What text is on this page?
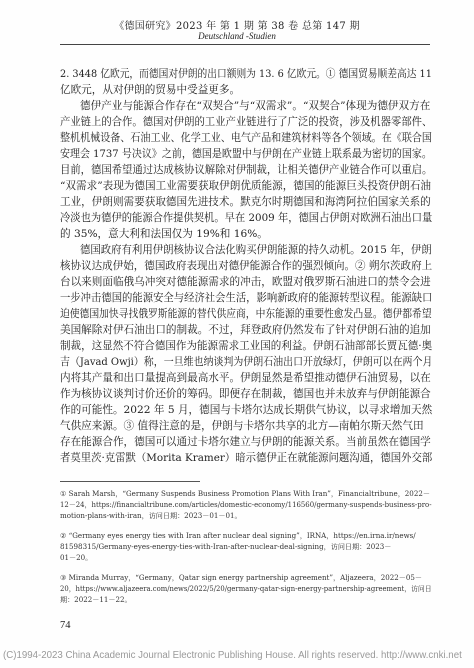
《德国研究》2023 年 第 1 期 第 38 卷 总第 147 期
Deutschland -Studien
2. 3448 亿欧元，而德国对伊朗的出口额则为 13. 6 亿欧元。① 德国贸易顺差高达 11
亿欧元，从对伊朗的贸易中受益更多。
德伊产业与能源合作存在“双契合”与“双需求”。“双契合”体现为德伊双方在
产业链上的合作。德国对伊朗的工业产业链进行了广泛的投资，涉及机器零部件、
整机机械设备、石油工业、化学工业、电气产品和建筑材料等各个领域。在《联合国
安理会 1737 号决议》之前，德国是欧盟中与伊朗在产业链上联系最为密切的国家。
目前，德国希望通过达成核协议解除对伊制裁，让相关德伊产业链合作可以重启。
“双需求”表现为德国工业需要获取伊朗优质能源，德国的能源巨头投资伊朗石油
工业，伊朗则需要获取德国先进技术。默克尔时期德国和海湾阿拉伯国家关系的
冷淡也为德伊的能源合作提供契机。早在 2009 年，德国占伊朗对欧洲石油出口量
的 35%，意大利和法国仅为 19%和 16%。
德国政府有利用伊朗核协议合法化购买伊朗能源的持久动机。2015 年，伊朗
核协议达成伊始，德国政府表现出对德伊能源合作的强烈倾向。② 朔尔茨政府上
台以来则面临俄乌冲突对德能源需求的冲击，欧盟对俄罗斯石油进口的禁令会进
一步冲击德国的能源安全与经济社会生活，影响新政府的能源转型议程。能源缺口
迫使德国加快寻找俄罗斯能源的替代供应商，中东能源的重要性愈发凸显。德伊都希望
美国解除对伊石油出口的制裁。不过，拜登政府仍然发布了针对伊朗石油的追加
制裁，这显然不符合德国作为能源需求工业国的利益。伊朗石油部部长贾瓦德·奥
吉（Javad Owji）称，一旦维也纳谈判为伊朗石油出口开放绿灯，伊朗可以在两个月
内将其产量和出口量提高到最高水平。伊朗显然是希望推动德伊石油贸易，以在
作为核协议谈判讨价还价的筹码。即便存在制裁，德国也并未放弃与伊朗能源合
作的可能性。2022 年 5 月，德国与卡塔尔达成长期供气协议，以寻求增加天然
气供应来源。③ 值得注意的是，伊朗与卡塔尔共享的北方—南帕尔斯天然气田
存在能源合作，德国可以通过卡塔尔建立与伊朗的能源关系。当前虽然在德国学
者莫里茨·克雷默（Morita Kramer）暗示德伊正在就能源问题沟通，德国外交部
① Sarah Marsh，“Germany Suspends Business Promotion Plans With Iran”，Financialtribune，2022－
12－24，https://financialtribune.com/articles/domestic-economy/116560/germany-suspends-business-pro-
motion-plans-with-iran，访问日期：2023－01－01。
② “Germany eyes energy ties with Iran after nuclear deal signing”，IRNA，https://en.irna.ir/news/
81598315/Germany-eyes-energy-ties-with-Iran-after-nuclear-deal-signing，访问日期：2023－
01－20。
③ Miranda Murray，“Germany，Qatar sign energy partnership agreement”，Aljazeera，2022－05－
20，https://www.aljazeera.com/news/2022/5/20/germany-qatar-sign-energy-partnership-agreement，访问日
期：2022－11－22。
74
(C)1994-2023 China Academic Journal Electronic Publishing House. All rights reserved. http://www.cnki.net
